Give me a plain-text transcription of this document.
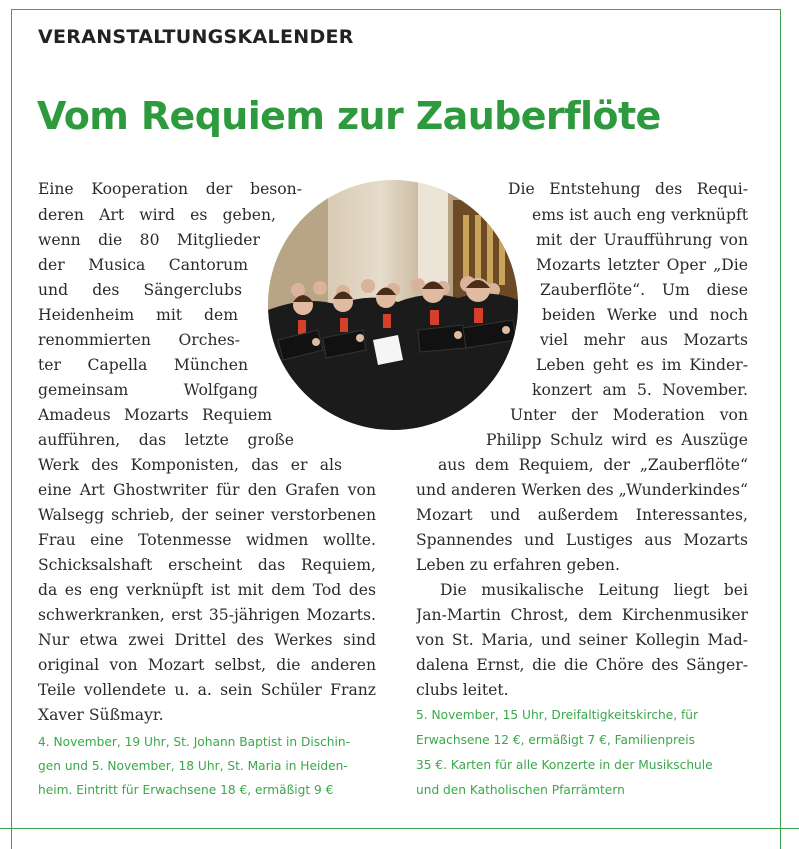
VERANSTALTUNGSKALENDER
Vom Requiem zur Zauberflöte
Eine Kooperation der beson-
deren Art wird es geben,
wenn die 80 Mitglieder
der Musica Cantorum
und des Sängerclubs
Heidenheim mit dem
renommierten Orches-
ter Capella München
gemeinsam Wolfgang
Amadeus Mozarts Requiem
aufführen, das letzte große
Werk des Komponisten, das er als
eine Art Ghostwriter für den Grafen von
Walsegg schrieb, der seiner verstorbenen
Frau eine Totenmesse widmen wollte.
Schicksalshaft erscheint das Requiem,
da es eng verknüpft ist mit dem Tod des
schwerkranken, erst 35-jährigen Mozarts.
Nur etwa zwei Drittel des Werkes sind
original von Mozart selbst, die anderen
Teile vollendete u. a. sein Schüler Franz
Xaver Süßmayr.
4. November, 19 Uhr, St. Johann Baptist in Dischin-
gen und 5. November, 18 Uhr, St. Maria in Heiden-
heim. Eintritt für Erwachsene 18 €, ermäßigt 9 €
Die Entstehung des Requi-
ems ist auch eng verknüpft
mit der Uraufführung von
Mozarts letzter Oper „Die
Zauberflöte“. Um diese
beiden Werke und noch
viel mehr aus Mozarts
Leben geht es im Kinder-
konzert am 5. November.
Unter der Moderation von
Philipp Schulz wird es Auszüge
aus dem Requiem, der „Zauberflöte“
und anderen Werken des „Wunderkindes“
Mozart und außerdem Interessantes,
Spannendes und Lustiges aus Mozarts
Leben zu erfahren geben.
Die musikalische Leitung liegt bei
Jan-Martin Chrost, dem Kirchenmusiker
von St. Maria, und seiner Kollegin Mad-
dalena Ernst, die die Chöre des Sänger-
clubs leitet.
5. November, 15 Uhr, Dreifaltigkeitskirche, für
Erwachsene 12 €, ermäßigt 7 €, Familienpreis
35 €. Karten für alle Konzerte in der Musikschule
und den Katholischen Pfarrämtern
